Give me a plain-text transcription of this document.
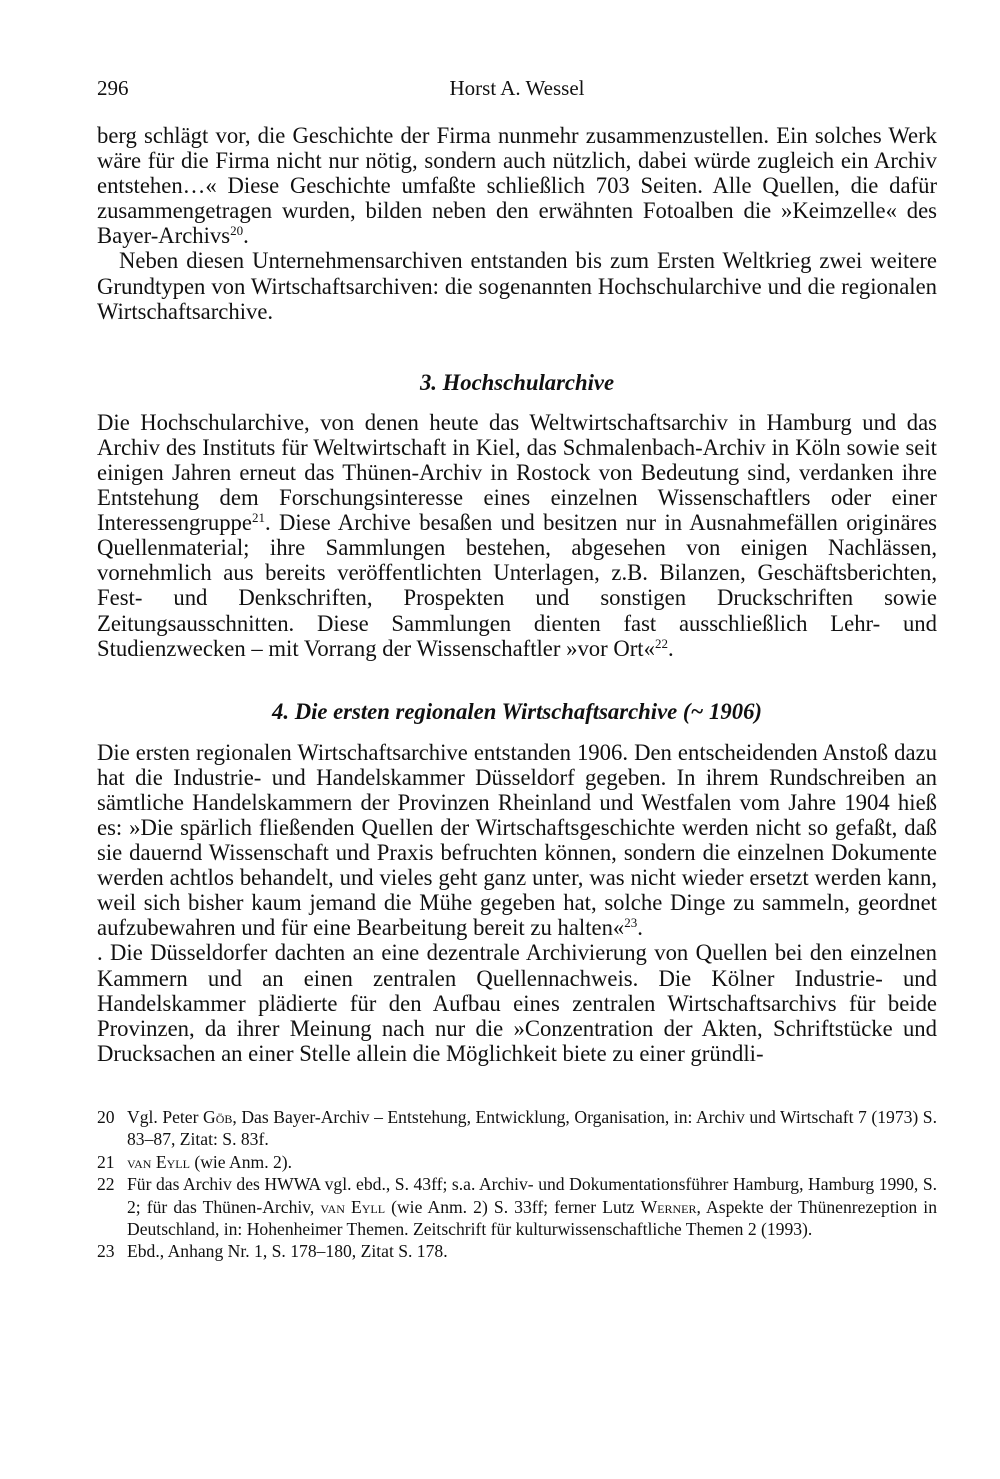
296	Horst A. Wessel

berg schlägt vor, die Geschichte der Firma nunmehr zusammenzustellen. Ein solches Werk wäre für die Firma nicht nur nötig, sondern auch nützlich, dabei würde zugleich ein Archiv entstehen…« Diese Geschichte umfaßte schließlich 703 Seiten. Alle Quellen, die dafür zusammengetragen wurden, bilden neben den erwähnten Fotoalben die »Keimzelle« des Bayer-Archivs$^{20}$.

Neben diesen Unternehmensarchiven entstanden bis zum Ersten Weltkrieg zwei weitere Grundtypen von Wirtschaftsarchiven: die sogenannten Hochschularchive und die regionalen Wirtschaftsarchive.

3. Hochschularchive

Die Hochschularchive, von denen heute das Weltwirtschaftsarchiv in Hamburg und das Archiv des Instituts für Weltwirtschaft in Kiel, das Schmalenbach-Archiv in Köln sowie seit einigen Jahren erneut das Thünen-Archiv in Rostock von Bedeutung sind, verdanken ihre Entstehung dem Forschungsinteresse eines einzelnen Wissenschaftlers oder einer Interessengruppe$^{21}$. Diese Archive besaßen und besitzen nur in Ausnahmefällen originäres Quellenmaterial; ihre Sammlungen bestehen, abgesehen von einigen Nachlässen, vornehmlich aus bereits veröffentlichten Unterlagen, z.B. Bilanzen, Geschäftsberichten, Fest- und Denkschriften, Prospekten und sonstigen Druckschriften sowie Zeitungsausschnitten. Diese Sammlungen dienten fast ausschließlich Lehr- und Studienzwecken – mit Vorrang der Wissenschaftler »vor Ort«$^{22}$.

4. Die ersten regionalen Wirtschaftsarchive (~ 1906)

Die ersten regionalen Wirtschaftsarchive entstanden 1906. Den entscheidenden Anstoß dazu hat die Industrie- und Handelskammer Düsseldorf gegeben. In ihrem Rundschreiben an sämtliche Handelskammern der Provinzen Rheinland und Westfalen vom Jahre 1904 hieß es: »Die spärlich fließenden Quellen der Wirtschaftsgeschichte werden nicht so gefaßt, daß sie dauernd Wissenschaft und Praxis befruchten können, sondern die einzelnen Dokumente werden achtlos behandelt, und vieles geht ganz unter, was nicht wieder ersetzt werden kann, weil sich bisher kaum jemand die Mühe gegeben hat, solche Dinge zu sammeln, geordnet aufzubewahren und für eine Bearbeitung bereit zu halten«$^{23}$.

. Die Düsseldorfer dachten an eine dezentrale Archivierung von Quellen bei den einzelnen Kammern und an einen zentralen Quellennachweis. Die Kölner Industrie- und Handelskammer plädierte für den Aufbau eines zentralen Wirtschaftsarchivs für beide Provinzen, da ihrer Meinung nach nur die »Conzentration der Akten, Schriftstücke und Drucksachen an einer Stelle allein die Möglichkeit biete zu einer gründli-

20 Vgl. Peter Göb, Das Bayer-Archiv – Entstehung, Entwicklung, Organisation, in: Archiv und Wirtschaft 7 (1973) S. 83–87, Zitat: S. 83f.
21 van Eyll (wie Anm. 2).
22 Für das Archiv des HWWA vgl. ebd., S. 43ff; s.a. Archiv- und Dokumentationsführer Hamburg, Hamburg 1990, S. 2; für das Thünen-Archiv, van Eyll (wie Anm. 2) S. 33ff; ferner Lutz Werner, Aspekte der Thünenrezeption in Deutschland, in: Hohenheimer Themen. Zeitschrift für kulturwissenschaftliche Themen 2 (1993).
23 Ebd., Anhang Nr. 1, S. 178–180, Zitat S. 178.
